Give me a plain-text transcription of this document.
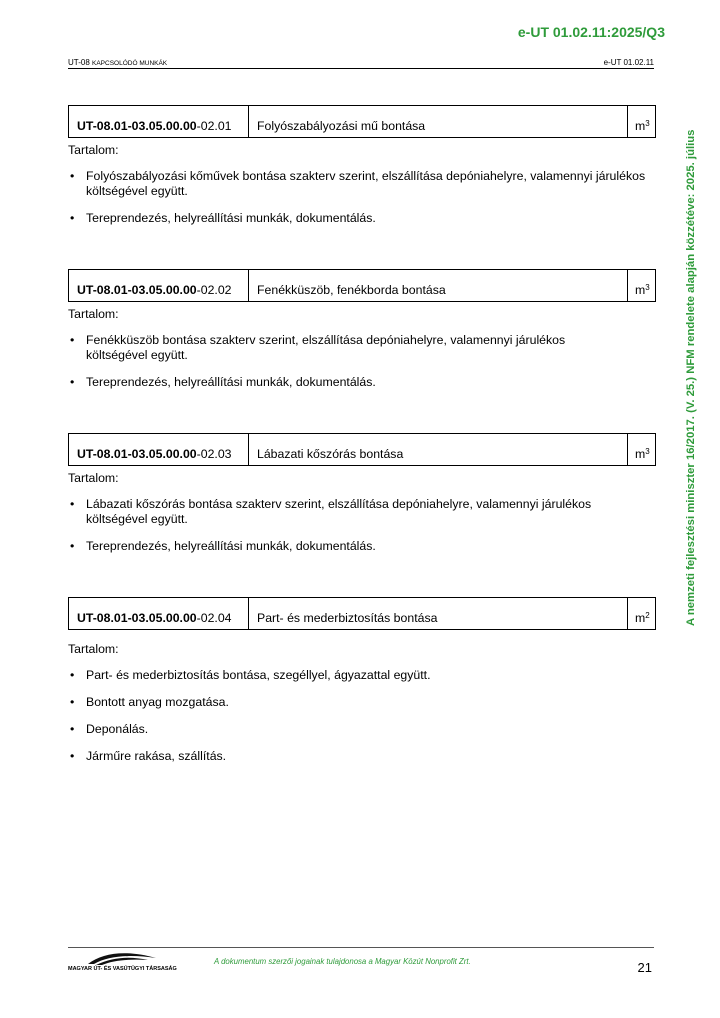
e-UT 01.02.11:2025/Q3
UT-08 KAPCSOLÓDÓ MUNKÁK	e-UT 01.02.11
A nemzeti fejlesztési miniszter 16/2017. (V. 25.) NFM rendelete alapján közzétéve: 2025. július
UT-08.01-03.05.00.00 -02.01	Folyószabályozási mű bontása	$m^3$
Tartalom:
• Folyószabályozási kőművek bontása szakterv szerint, elszállítása depóniahelyre, valamennyi járulékos költségével együtt.
• Tereprendezés, helyreállítási munkák, dokumentálás.
UT-08.01-03.05.00.00 -02.02	Fenékküszöb, fenékborda bontása	$m^3$
Tartalom:
• Fenékküszöb bontása szakterv szerint, elszállítása depóniahelyre, valamennyi járulékos költségével együtt.
• Tereprendezés, helyreállítási munkák, dokumentálás.
UT-08.01-03.05.00.00 -02.03	Lábazati kőszórás bontása	$m^3$
Tartalom:
• Lábazati kőszórás bontása szakterv szerint, elszállítása depóniahelyre, valamennyi járulékos költségével együtt.
• Tereprendezés, helyreállítási munkák, dokumentálás.
UT-08.01-03.05.00.00 -02.04	Part- és mederbiztosítás bontása	$m^2$
Tartalom:
• Part- és mederbiztosítás bontása, szegéllyel, ágyazattal együtt.
• Bontott anyag mozgatása.
• Deponálás.
• Járműre rakása, szállítás.
MAGYAR ÚT- ÉS VASÚTÜGYI TÁRSASÁG
A dokumentum szerzői jogainak tulajdonosa a Magyar Közút Nonprofit Zrt.	21
